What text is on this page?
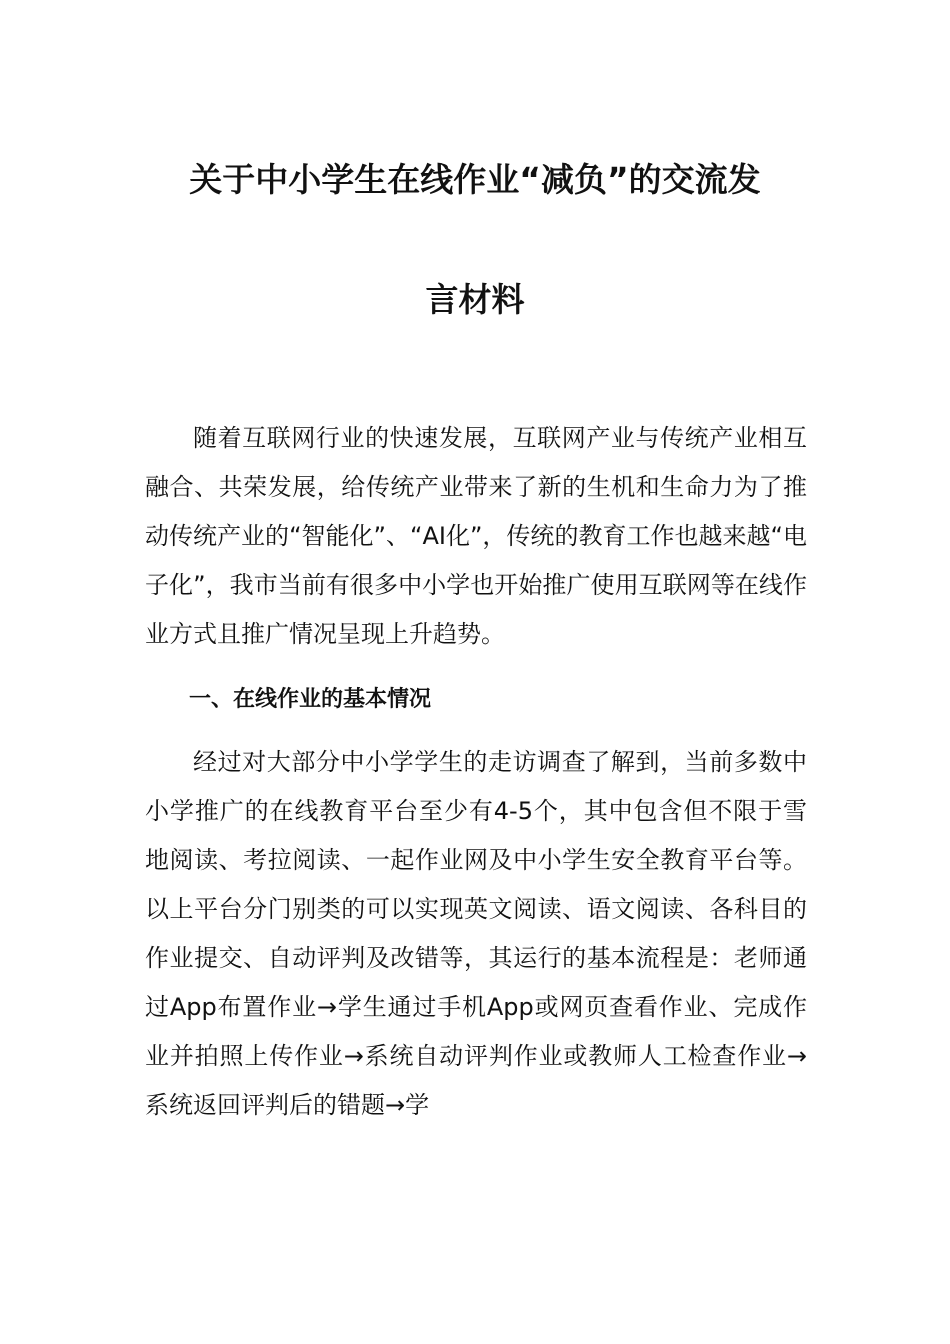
关于中小学生在线作业“减负”的交流发
言材料

随着互联网行业的快速发展，互联网产业与传统产业相互融合、共荣发展，给传统产业带来了新的生机和生命力为了推动传统产业的“智能化”、“AI化”，传统的教育工作也越来越“电子化”，我市当前有很多中小学也开始推广使用互联网等在线作业方式且推广情况呈现上升趋势。

一、在线作业的基本情况

经过对大部分中小学学生的走访调查了解到，当前多数中小学推广的在线教育平台至少有4-5个，其中包含但不限于雪地阅读、考拉阅读、一起作业网及中小学生安全教育平台等。以上平台分门别类的可以实现英文阅读、语文阅读、各科目的作业提交、自动评判及改错等，其运行的基本流程是：老师通过App布置作业→学生通过手机App或网页查看作业、完成作业并拍照上传作业→系统自动评判作业或教师人工检查作业→系统返回评判后的错题→学
